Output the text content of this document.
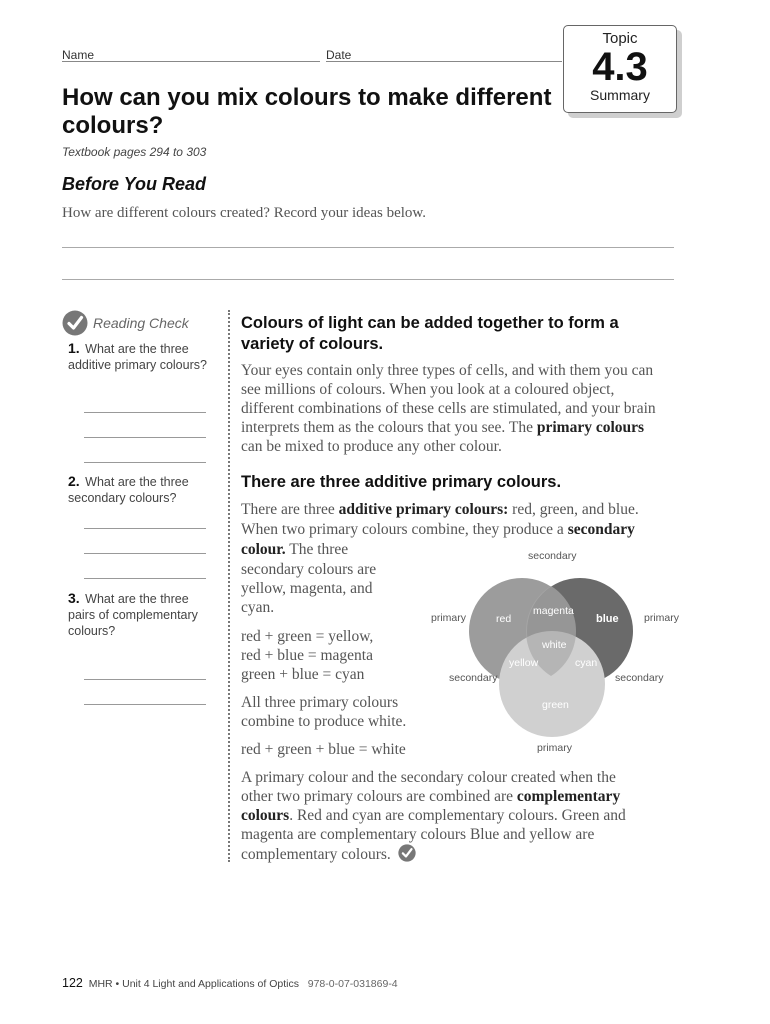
Name	Date
Topic
4.3
Summary
How can you mix colours to make different colours?
Textbook pages 294 to 303
Before You Read
How are different colours created? Record your ideas below.
Reading Check
1. What are the three additive primary colours?
2. What are the three secondary colours?
3. What are the three pairs of complementary colours?
Colours of light can be added together to form a variety of colours.
Your eyes contain only three types of cells, and with them you can see millions of colours. When you look at a coloured object, different combinations of these cells are stimulated, and your brain interprets them as the colours that you see. The primary colours can be mixed to produce any other colour.
There are three additive primary colours.
There are three additive primary colours: red, green, and blue.
When two primary colours combine, they produce a secondary
colour. The three
secondary colours are
yellow, magenta, and
cyan.
red + green = yellow,
red + blue = magenta
green + blue = cyan
All three primary colours
combine to produce white.
red + green + blue = white
A primary colour and the secondary colour created when the
other two primary colours are combined are complementary
colours. Red and cyan are complementary colours. Green and
magenta are complementary colours Blue and yellow are
complementary colours.
secondary
primary	primary
secondary	secondary
primary
red
magenta
blue
white
yellow	cyan
green
122 MHR • Unit 4 Light and Applications of Optics 978-0-07-031869-4
